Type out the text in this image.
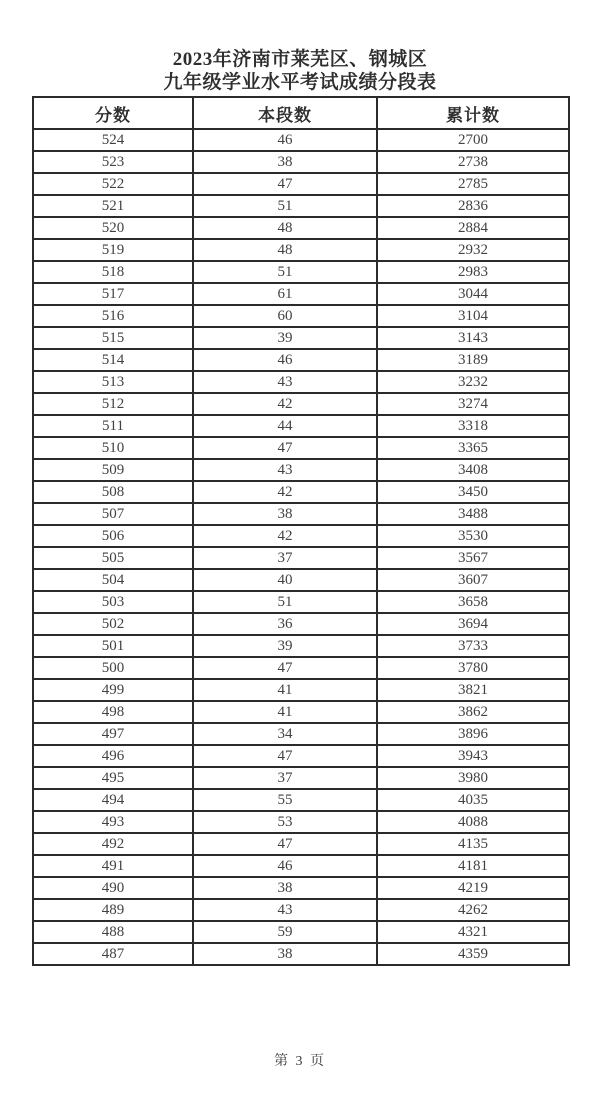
2023年济南市莱芜区、钢城区
九年级学业水平考试成绩分段表
分数	本段数	累计数
524	46	2700
523	38	2738
522	47	2785
521	51	2836
520	48	2884
519	48	2932
518	51	2983
517	61	3044
516	60	3104
515	39	3143
514	46	3189
513	43	3232
512	42	3274
511	44	3318
510	47	3365
509	43	3408
508	42	3450
507	38	3488
506	42	3530
505	37	3567
504	40	3607
503	51	3658
502	36	3694
501	39	3733
500	47	3780
499	41	3821
498	41	3862
497	34	3896
496	47	3943
495	37	3980
494	55	4035
493	53	4088
492	47	4135
491	46	4181
490	38	4219
489	43	4262
488	59	4321
487	38	4359
第 3 页
